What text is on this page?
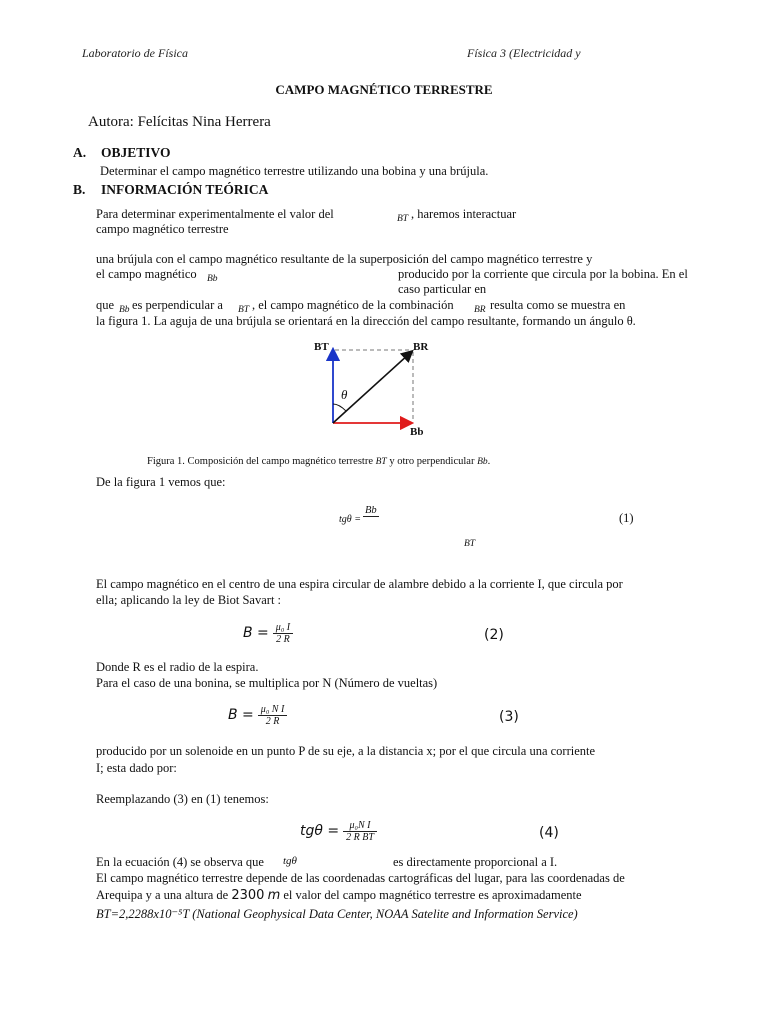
Laboratorio de Física	Física 3 (Electricidad y
CAMPO MAGNÉTICO TERRESTRE
Autora: Felícitas Nina Herrera
A. OBJETIVO
Determinar el campo magnético terrestre utilizando una bobina y una brújula.
B. INFORMACIÓN TEÓRICA
Para determinar experimentalmente el valor del	BT , haremos interactuar
campo magnético terrestre
una brújula con el campo magnético resultante de la superposición del campo magnético terrestre y
el campo magnético Bb	producido por la corriente que circula por la bobina. En el
caso particular en
que Bb es perpendicular a BT , el campo magnético de la combinación BR resulta como se muestra en
la figura 1. La aguja de una brújula se orientará en la dirección del campo resultante, formando un ángulo θ.
BT	BR
Bb
θ
Figura 1. Composición del campo magnético terrestre BT y otro perpendicular Bb.
De la figura 1 vemos que:
tgθ =
Bb
BT
(1)
El campo magnético en el centro de una espira circular de alambre debido a la corriente I, que circula por
ella; aplicando la ley de Biot Savart :
$B = \frac{\text{μ₀ I}}{2 R}$	(2)
Donde R es el radio de la espira.
Para el caso de una bonina, se multiplica por N (Número de vueltas)
$B = \frac{\text{μ₀ N I}}{2 R}$	(3)
producido por un solenoide en un punto P de su eje, a la distancia x; por el que circula una corriente
I; esta dado por:
Reemplazando (3) en (1) tenemos:
$tg\theta = \frac{\text{μ₀N I}}{\text{2 R BT}}$	(4)
En la ecuación (4) se observa que tgθ	es directamente proporcional a I.
El campo magnético terrestre depende de las coordenadas cartográficas del lugar, para las coordenadas de
Arequipa y a una altura de 2300 m el valor del campo magnético terrestre es aproximadamente
BT=2,2288x10⁻⁵T (National Geophysical Data Center, NOAA Satelite and Information Service)
